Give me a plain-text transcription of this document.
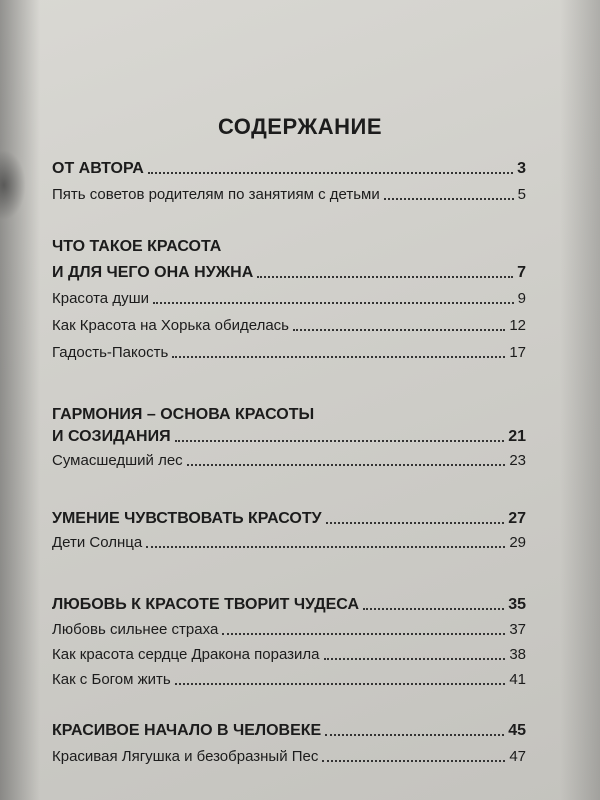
СОДЕРЖАНИЕ
ОТ АВТОРА	3
Пять советов родителям по занятиям с детьми	5
ЧТО ТАКОЕ КРАСОТА
И ДЛЯ ЧЕГО ОНА НУЖНА	7
Красота души	9
Как Красота на Хорька обиделась	12
Гадость-Пакость	17
ГАРМОНИЯ – ОСНОВА КРАСОТЫ
И СОЗИДАНИЯ	21
Сумасшедший лес	23
УМЕНИЕ ЧУВСТВОВАТЬ КРАСОТУ	27
Дети Солнца	29
ЛЮБОВЬ К КРАСОТЕ ТВОРИТ ЧУДЕСА	35
Любовь сильнее страха	37
Как красота сердце Дракона поразила	38
Как с Богом жить	41
КРАСИВОЕ НАЧАЛО В ЧЕЛОВЕКЕ	45
Красивая Лягушка и безобразный Пес	47
